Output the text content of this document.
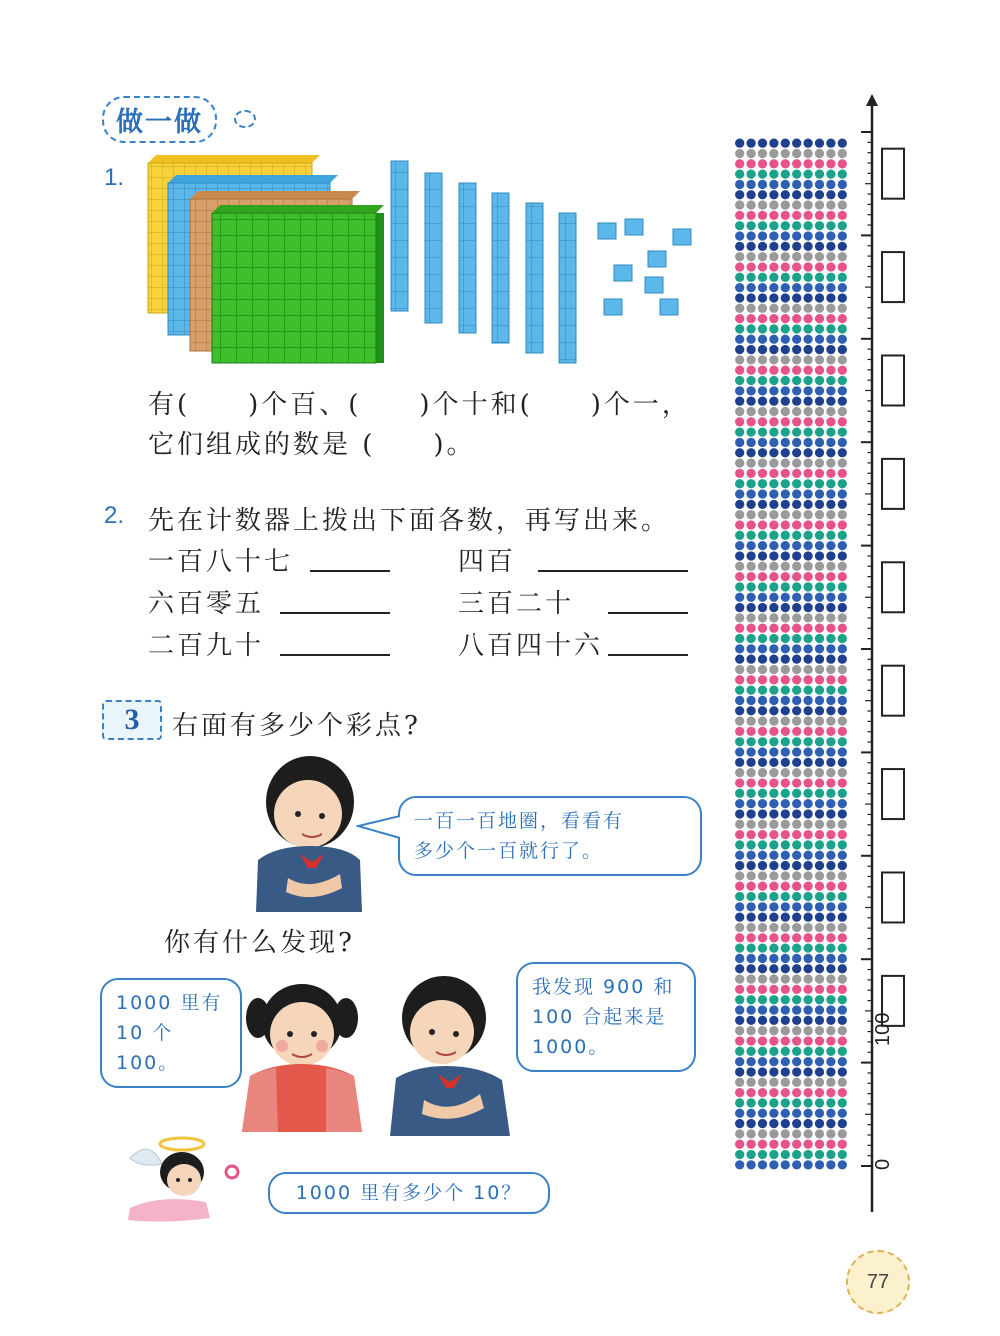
做一做
1.
有(　　)个百、(　　)个十和(　　)个一，
它们组成的数是 (　　)。
2. 先在计数器上拨出下面各数，再写出来。
一百八十七	四百
六百零五	三百二十
二百九十	八百四十六
3	右面有多少个彩点?
一百一百地圈，看看有
多少个一百就行了。
你有什么发现?
1000 里有
10 个 100。
我发现 900 和
100 合起来是
1000。
1000 里有多少个 10？
100
0
77
